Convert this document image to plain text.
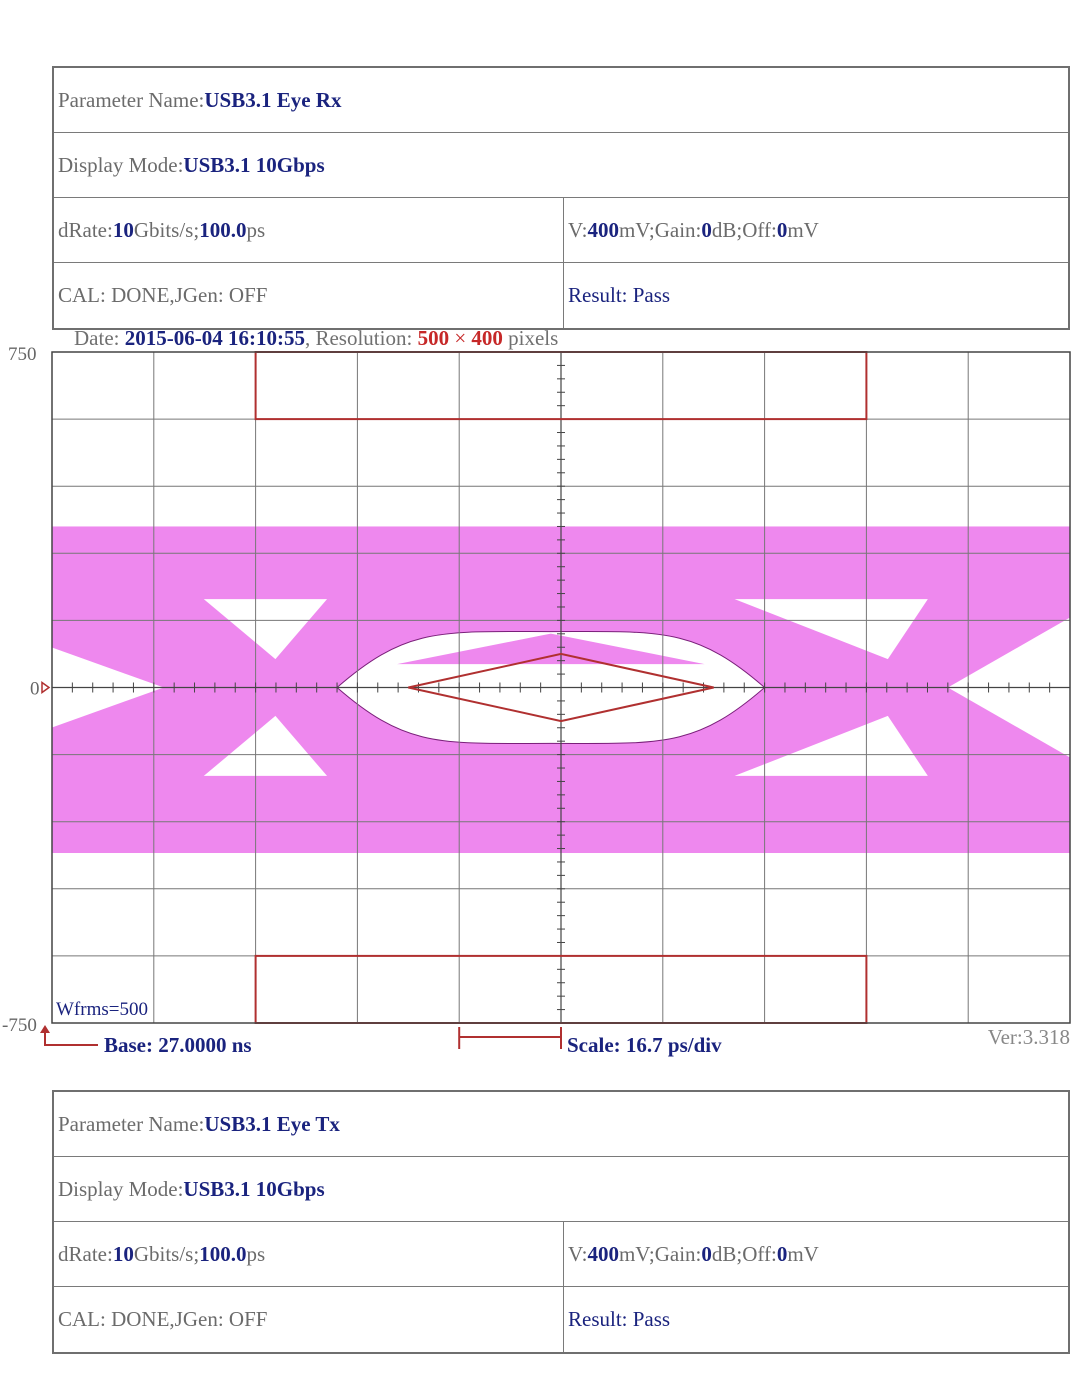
Parameter Name: USB3.1 Eye Rx
Display Mode: USB3.1 10Gbps
dRate: 10 Gbits/s; 100.0 ps	V: 400 mV;Gain: 0 dB;Off: 0 mV
CAL: DONE,JGen: OFF	Result: Pass
Date: 2015-06-04 16:10:55, Resolution: 500 × 400 pixels
750
0
-750
Wfrms=500
Base: 27.0000 ns	Scale: 16.7 ps/div	Ver:3.318
Parameter Name: USB3.1 Eye Tx
Display Mode: USB3.1 10Gbps
dRate: 10 Gbits/s; 100.0 ps	V: 400 mV;Gain: 0 dB;Off: 0 mV
CAL: DONE,JGen: OFF	Result: Pass
